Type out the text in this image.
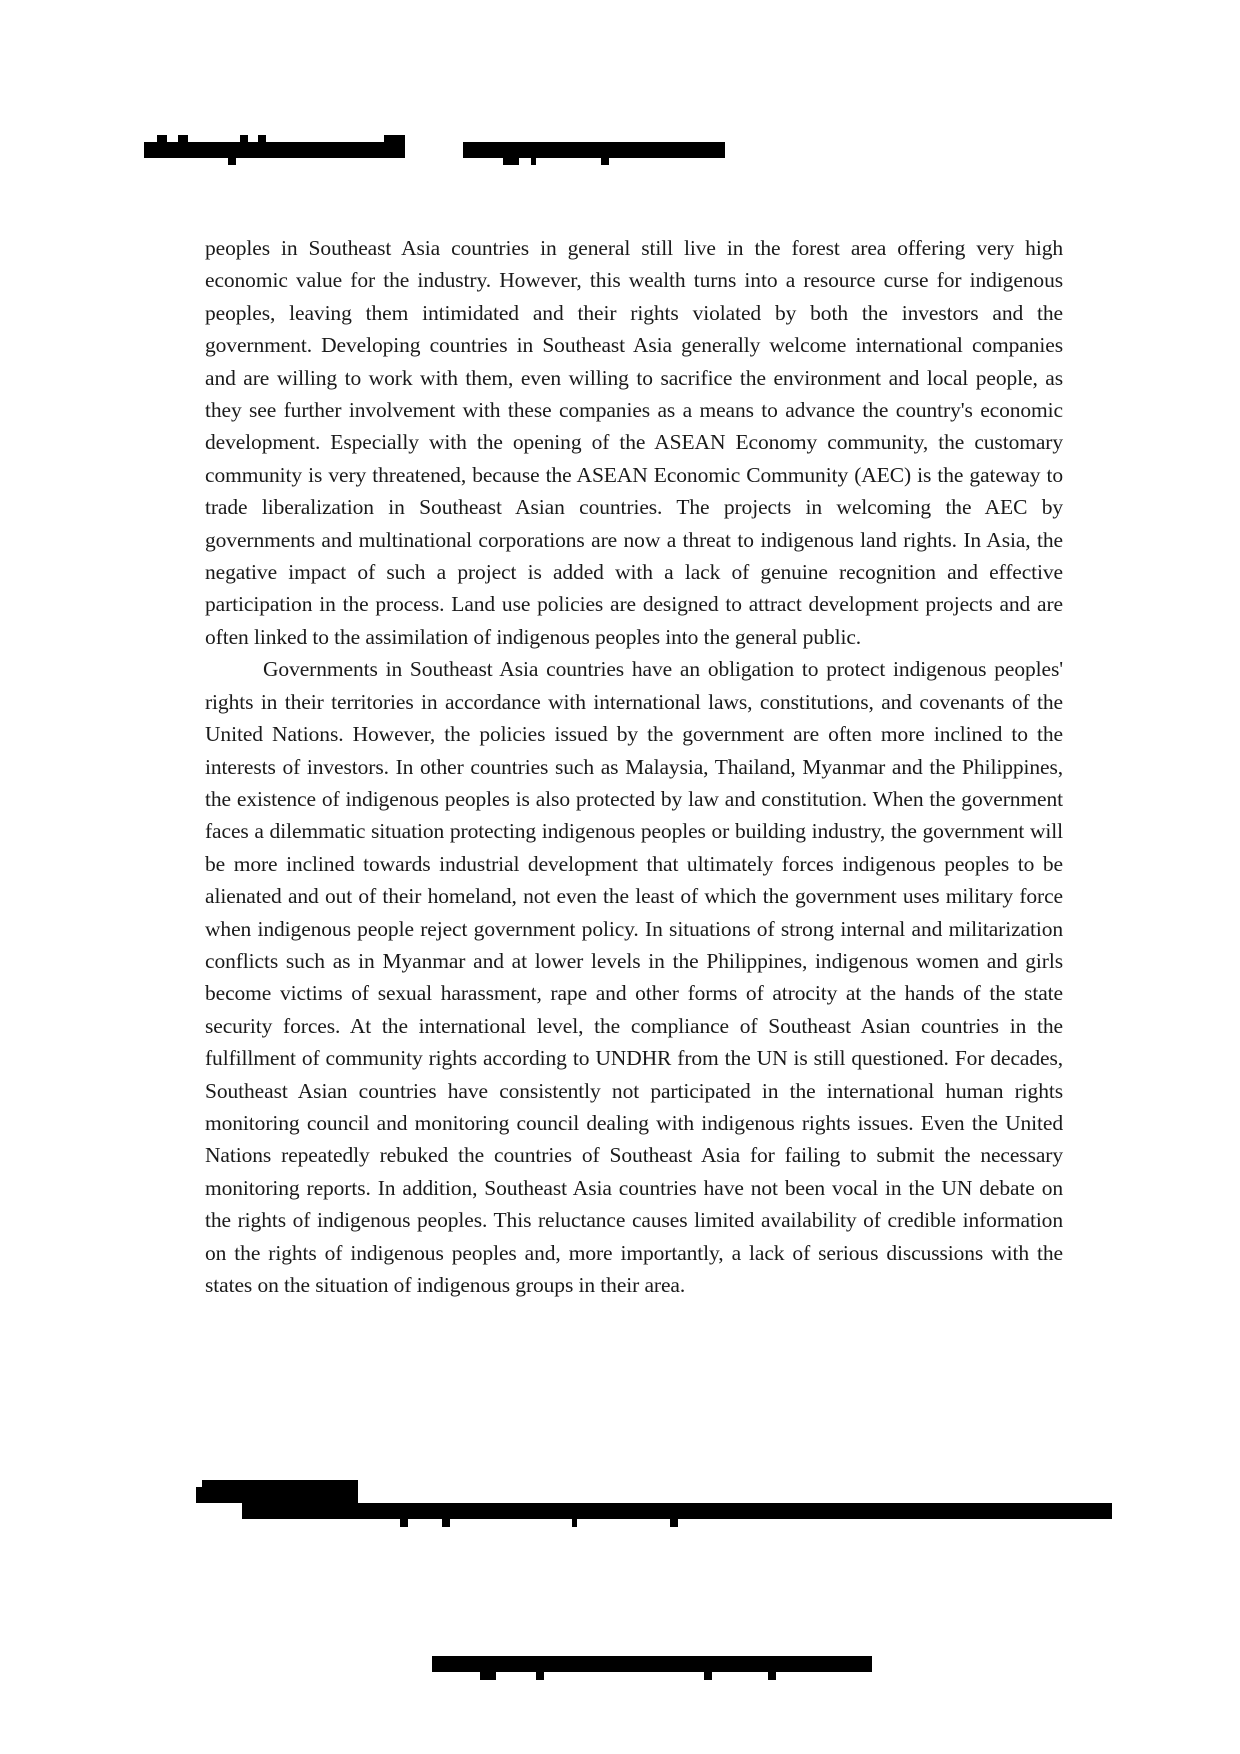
peoples in Southeast Asia countries in general still live in the forest area offering very high economic value for the industry. However, this wealth turns into a resource curse for indigenous peoples, leaving them intimidated and their rights violated by both the investors and the government. Developing countries in Southeast Asia generally welcome international companies and are willing to work with them, even willing to sacrifice the environment and local people, as they see further involvement with these companies as a means to advance the country's economic development. Especially with the opening of the ASEAN Economy community, the customary community is very threatened, because the ASEAN Economic Community (AEC) is the gateway to trade liberalization in Southeast Asian countries. The projects in welcoming the AEC by governments and multinational corporations are now a threat to indigenous land rights. In Asia, the negative impact of such a project is added with a lack of genuine recognition and effective participation in the process. Land use policies are designed to attract development projects and are often linked to the assimilation of indigenous peoples into the general public.

Governments in Southeast Asia countries have an obligation to protect indigenous peoples' rights in their territories in accordance with international laws, constitutions, and covenants of the United Nations. However, the policies issued by the government are often more inclined to the interests of investors. In other countries such as Malaysia, Thailand, Myanmar and the Philippines, the existence of indigenous peoples is also protected by law and constitution. When the government faces a dilemmatic situation protecting indigenous peoples or building industry, the government will be more inclined towards industrial development that ultimately forces indigenous peoples to be alienated and out of their homeland, not even the least of which the government uses military force when indigenous people reject government policy. In situations of strong internal and militarization conflicts such as in Myanmar and at lower levels in the Philippines, indigenous women and girls become victims of sexual harassment, rape and other forms of atrocity at the hands of the state security forces. At the international level, the compliance of Southeast Asian countries in the fulfillment of community rights according to UNDHR from the UN is still questioned. For decades, Southeast Asian countries have consistently not participated in the international human rights monitoring council and monitoring council dealing with indigenous rights issues. Even the United Nations repeatedly rebuked the countries of Southeast Asia for failing to submit the necessary monitoring reports. In addition, Southeast Asia countries have not been vocal in the UN debate on the rights of indigenous peoples. This reluctance causes limited availability of credible information on the rights of indigenous peoples and, more importantly, a lack of serious discussions with the states on the situation of indigenous groups in their area.
